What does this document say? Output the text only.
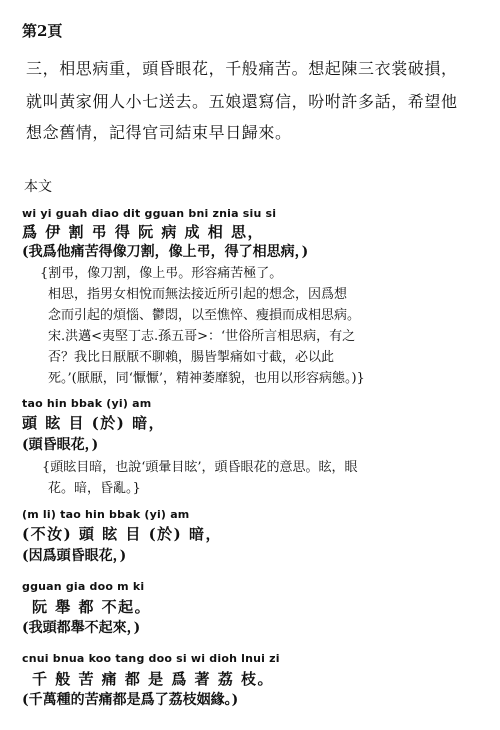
第2頁
三，相思病重，頭昏眼花，千般痛苦。想起陳三衣裳破損，
就叫黃家佣人小七送去。五娘還寫信，吩咐許多話，希望他
想念舊情，記得官司結束早日歸來。
本文
wi yi guah diao dit gguan bni znia siu si
爲 伊 割 弔 得 阮 病 成 相 思，
(我爲他痛苦得像刀割，像上弔，得了相思病，)
{割弔，像刀割，像上弔。形容痛苦極了。
相思，指男女相悅而無法接近所引起的想念，因爲想
念而引起的煩惱、鬱悶，以至憔悴、瘦損而成相思病。
宋.洪邁<夷堅丁志.孫五哥>：‘世俗所言相思病，有之
否？我比日厭厭不聊賴，腸皆掣痛如寸截，必以此
死。’(厭厭，同‘懨懨’，精神萎靡貌，也用以形容病態。)}
tao hin bbak (yi) am
頭 眩 目 (於) 暗，
(頭昏眼花，)
{頭眩目暗，也說‘頭暈目眩’，頭昏眼花的意思。眩，眼
花。暗，昏亂。}
(m li) tao hin bbak (yi) am
(不汝) 頭 眩 目 (於) 暗，
(因爲頭昏眼花，)
gguan gia doo m ki
阮 舉 都 不起。
(我頭都舉不起來，)
cnui bnua koo tang doo si wi dioh lnui zi
千 般 苦 痛 都 是 爲 著 荔 枝。
(千萬種的苦痛都是爲了荔枝姻緣。)
